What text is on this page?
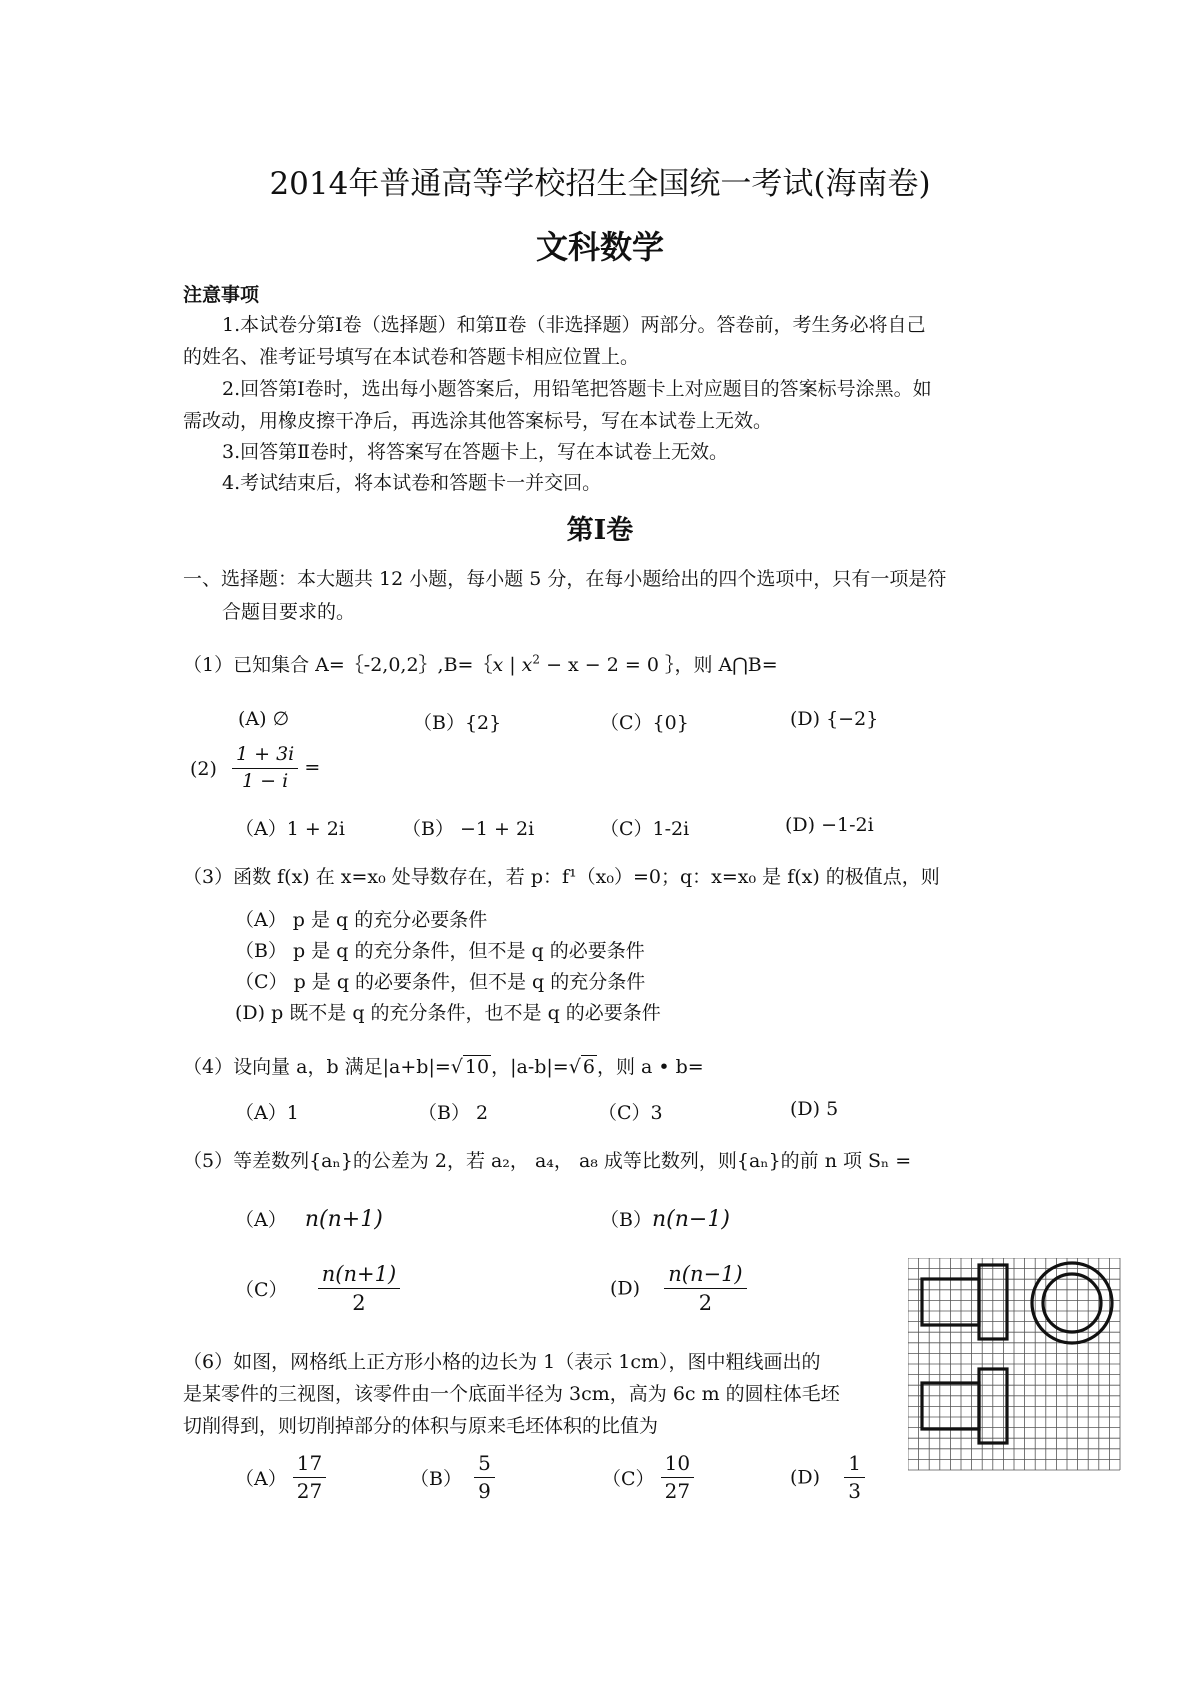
2014年普通高等学校招生全国统一考试(海南卷)
文科数学
注意事项
1.本试卷分第Ⅰ卷（选择题）和第Ⅱ卷（非选择题）两部分。答卷前，考生务必将自己
的姓名、准考证号填写在本试卷和答题卡相应位置上。
2.回答第Ⅰ卷时，选出每小题答案后，用铅笔把答题卡上对应题目的答案标号涂黑。如
需改动，用橡皮擦干净后，再选涂其他答案标号，写在本试卷上无效。
3.回答第Ⅱ卷时，将答案写在答题卡上，写在本试卷上无效。
4.考试结束后，将本试卷和答题卡一并交回。
第Ⅰ卷
一、选择题：本大题共 12 小题，每小题 5 分，在每小题给出的四个选项中，只有一项是符
合题目要求的。
（1）已知集合 A=｛-2,0,2｝,B=｛x | $x^2 - x - 2 = 0$ ｝，则 A⋂B=
(A) ∅	（B）{2}	（C）{0}	(D) {−2}
$(2) \frac{1 + 3i}{1 - i}$ =
（A）1 + 2i	（B） −1 + 2i	（C）1-2i	(D) −1-2i
（3）函数 f(x) 在 x=x₀ 处导数存在，若 p：f¹（x₀）=0；q：x=x₀ 是 f(x) 的极值点，则
（A） p 是 q 的充分必要条件
（B） p 是 q 的充分条件，但不是 q 的必要条件
（C） p 是 q 的必要条件，但不是 q 的充分条件
(D) p 既不是 q 的充分条件，也不是 q 的必要条件
（4）设向量 a，b 满足|a+b|=√ 10 ，|a-b|=√ 6 ，则 a • b=
（A）1	（B） 2	（C）3	(D) 5
（5）等差数列{aₙ}的公差为 2，若 a₂， a₄， a₈ 成等比数列，则{aₙ}的前 n 项 Sₙ =
（A） n(n+1)	（B）n(n−1)
$(C) \frac{n(n+1)}{2}$	$(D) \frac{n(n-1)}{2}$
（6）如图，网格纸上正方形小格的边长为 1（表示 1cm），图中粗线画出的
是某零件的三视图，该零件由一个底面半径为 3cm，高为 6c m 的圆柱体毛坯
切削得到，则切削掉部分的体积与原来毛坯体积的比值为
$(A) \frac{17}{27}$	$(B) \frac{5}{9}$	$(C) \frac{10}{27}$	$(D) \frac{1}{3}$
